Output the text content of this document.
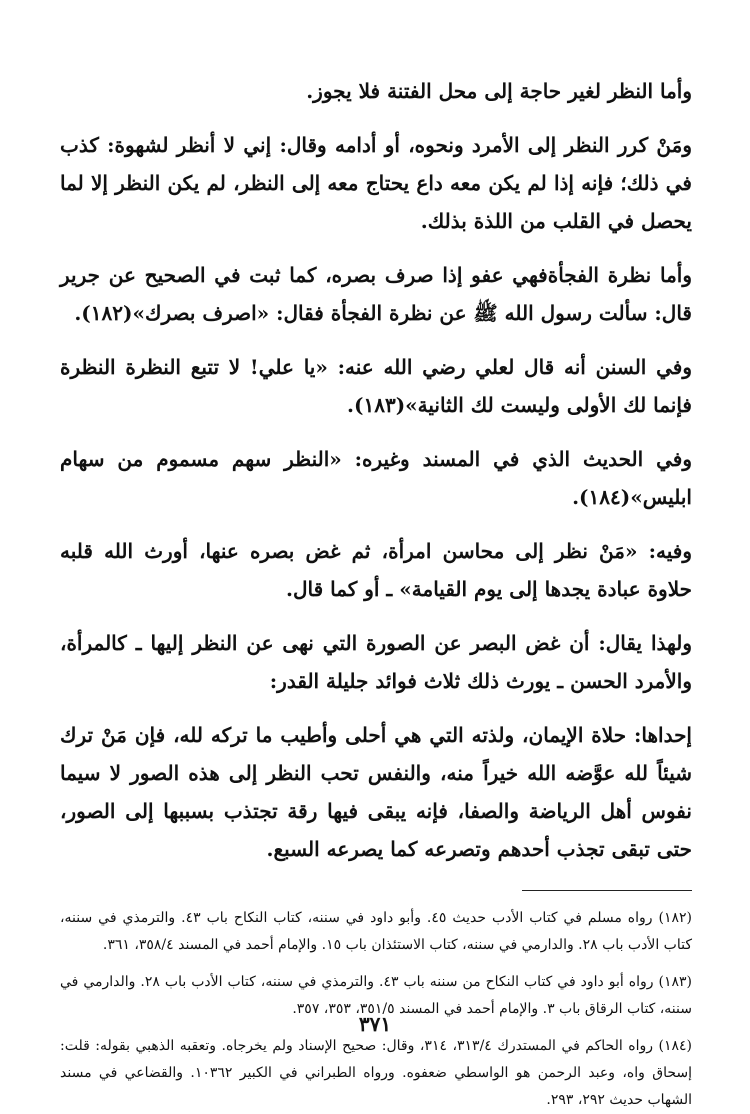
وأما النظر لغير حاجة إلى محل الفتنة فلا يجوز.

ومَنْ كرر النظر إلى الأمرد ونحوه، أو أدامه وقال: إني لا أنظر لشهوة: كذب في ذلك؛ فإنه إذا لم يكن معه داع يحتاج معه إلى النظر، لم يكن النظر إلا لما يحصل في القلب من اللذة بذلك.

وأما نظرة الفجأةفهي عفو إذا صرف بصره، كما ثبت في الصحيح عن جرير قال: سألت رسول الله ﷺ عن نظرة الفجأة فقال: «اصرف بصرك»(١٨٢).

وفي السنن أنه قال لعلي رضي الله عنه: «يا علي! لا تتبع النظرة النظرة فإنما لك الأولى وليست لك الثانية»(١٨٣).

وفي الحديث الذي في المسند وغيره: «النظر سهم مسموم من سهام ابليس»(١٨٤).

وفيه: «مَنْ نظر إلى محاسن امرأة، ثم غض بصره عنها، أورث الله قلبه حلاوة عبادة يجدها إلى يوم القيامة» ـ أو كما قال.

ولهذا يقال: أن غض البصر عن الصورة التي نهى عن النظر إليها ـ كالمرأة، والأمرد الحسن ـ يورث ذلك ثلاث فوائد جليلة القدر:

إحداها: حلاة الإيمان، ولذته التي هي أحلى وأطيب ما تركه لله، فإن مَنْ ترك شيئاً لله عوَّضه الله خيراً منه، والنفس تحب النظر إلى هذه الصور لا سيما نفوس أهل الرياضة والصفا، فإنه يبقى فيها رقة تجتذب بسببها إلى الصور، حتى تبقى تجذب أحدهم وتصرعه كما يصرعه السبع.

(١٨٢) رواه مسلم في كتاب الأدب حديث ٤٥. وأبو داود في سننه، كتاب النكاح باب ٤٣. والترمذي في سننه، كتاب الأدب باب ٢٨. والدارمي في سننه، كتاب الاستئذان باب ١٥. والإمام أحمد في المسند ٣٥٨/٤، ٣٦١.

(١٨٣) رواه أبو داود في كتاب النكاح من سننه باب ٤٣. والترمذي في سننه، كتاب الأدب باب ٢٨. والدارمي في سننه، كتاب الرقاق باب ٣. والإمام أحمد في المسند ٣٥١/٥، ٣٥٣، ٣٥٧.

(١٨٤) رواه الحاكم في المستدرك ٣١٣/٤، ٣١٤، وقال: صحيح الإسناد ولم يخرجاه. وتعقبه الذهبي بقوله: قلت: إسحاق واه، وعبد الرحمن هو الواسطي ضعفوه. ورواه الطبراني في الكبير ١٠٣٦٢. والقضاعي في مسند الشهاب حديث ٢٩٢، ٢٩٣.

٣٧١
